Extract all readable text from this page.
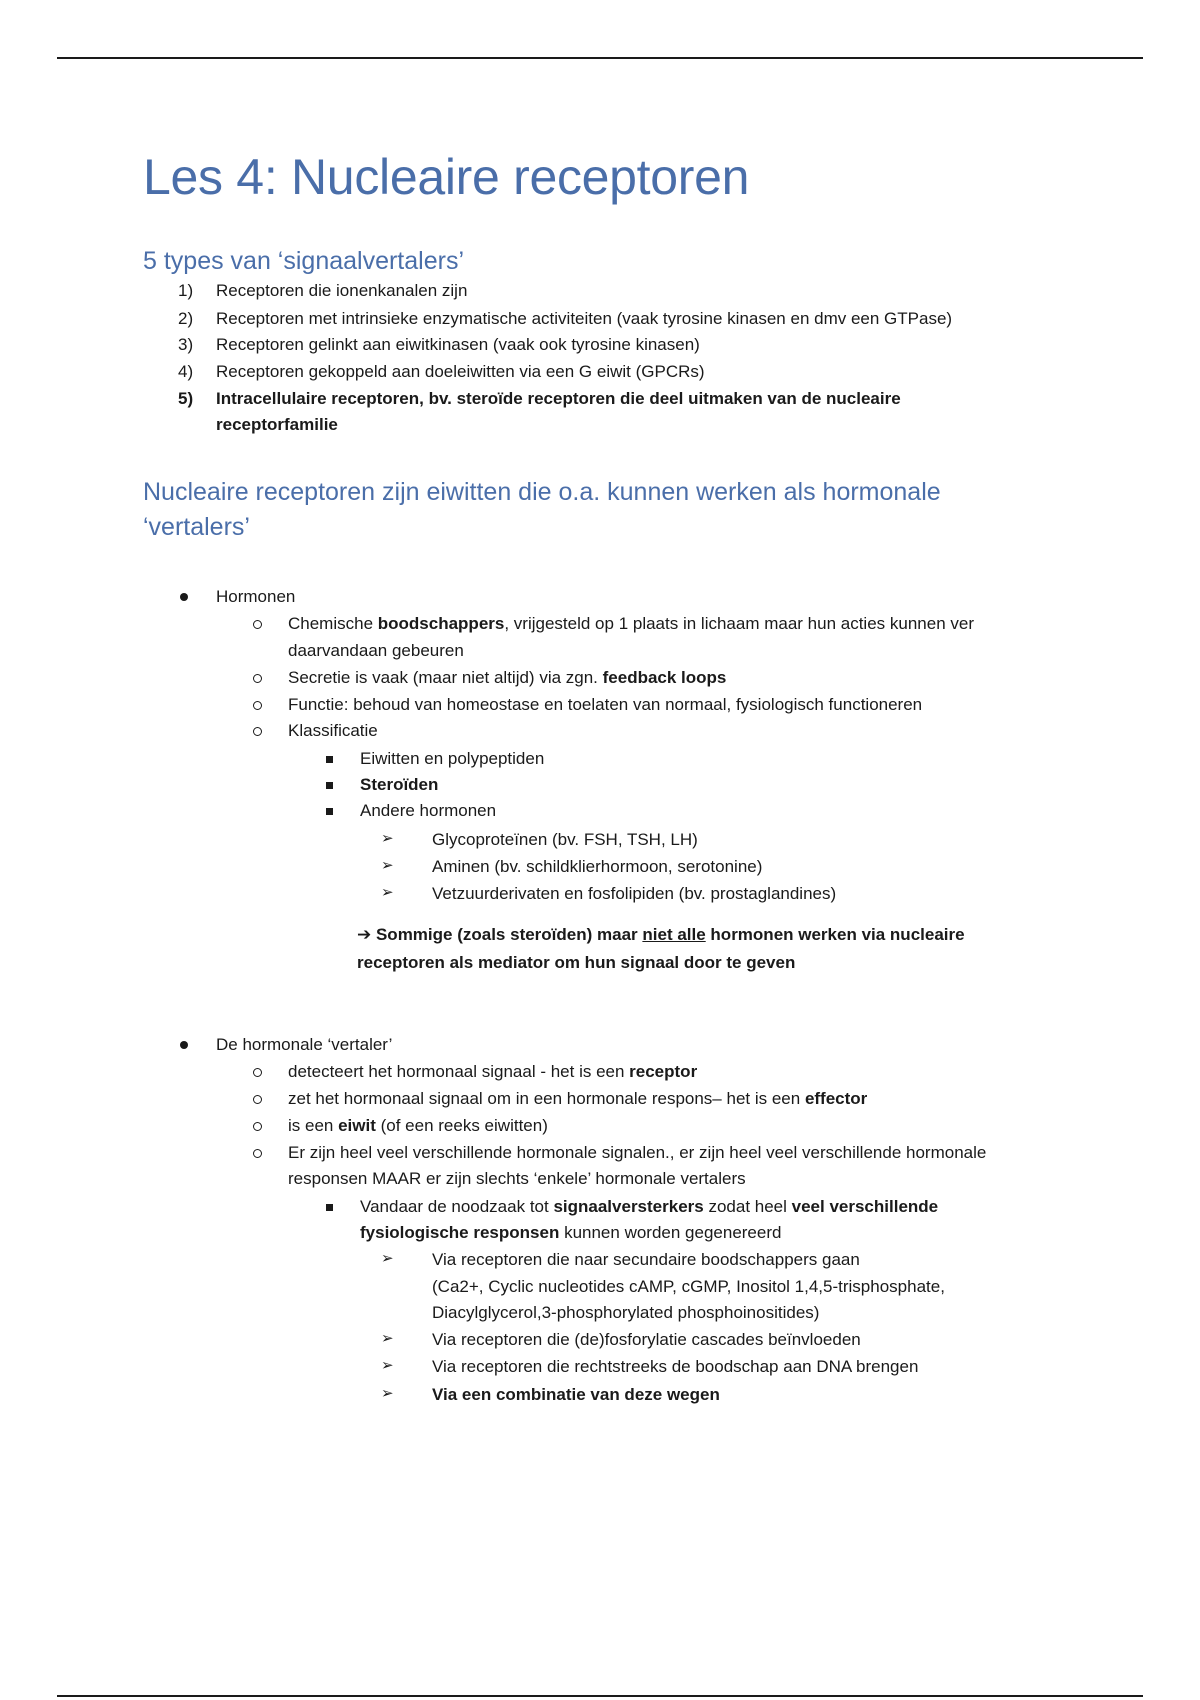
Les 4: Nucleaire receptoren
5 types van ‘signaalvertalers’
1) Receptoren die ionenkanalen zijn
2) Receptoren met intrinsieke enzymatische activiteiten (vaak tyrosine kinasen en dmv een GTPase)
3) Receptoren gelinkt aan eiwitkinasen (vaak ook tyrosine kinasen)
4) Receptoren gekoppeld aan doeleiwitten via een G eiwit (GPCRs)
5) Intracellulaire receptoren, bv. steroïde receptoren die deel uitmaken van de nucleaire
receptorfamilie
Nucleaire receptoren zijn eiwitten die o.a. kunnen werken als hormonale
‘vertalers’
Hormonen
Chemische boodschappers, vrijgesteld op 1 plaats in lichaam maar hun acties kunnen ver
daarvandaan gebeuren
Secretie is vaak (maar niet altijd) via zgn. feedback loops
Functie: behoud van homeostase en toelaten van normaal, fysiologisch functioneren
Klassificatie
Eiwitten en polypeptiden
Steroïden
Andere hormonen
➢ Glycoproteïnen (bv. FSH, TSH, LH)
➢ Aminen (bv. schildklierhormoon, serotonine)
➢ Vetzuurderivaten en fosfolipiden (bv. prostaglandines)
➔ Sommige (zoals steroïden) maar niet alle hormonen werken via nucleaire
receptoren als mediator om hun signaal door te geven
De hormonale ‘vertaler’
detecteert het hormonaal signaal - het is een receptor
zet het hormonaal signaal om in een hormonale respons– het is een effector
is een eiwit (of een reeks eiwitten)
Er zijn heel veel verschillende hormonale signalen., er zijn heel veel verschillende hormonale
responsen MAAR er zijn slechts ‘enkele’ hormonale vertalers
Vandaar de noodzaak tot signaalversterkers zodat heel veel verschillende
fysiologische responsen kunnen worden gegenereerd
➢ Via receptoren die naar secundaire boodschappers gaan
(Ca2+, Cyclic nucleotides cAMP, cGMP, Inositol 1,4,5-trisphosphate,
Diacylglycerol,3-phosphorylated phosphoinositides)
➢ Via receptoren die (de)fosforylatie cascades beïnvloeden
➢ Via receptoren die rechtstreeks de boodschap aan DNA brengen
➢ Via een combinatie van deze wegen
